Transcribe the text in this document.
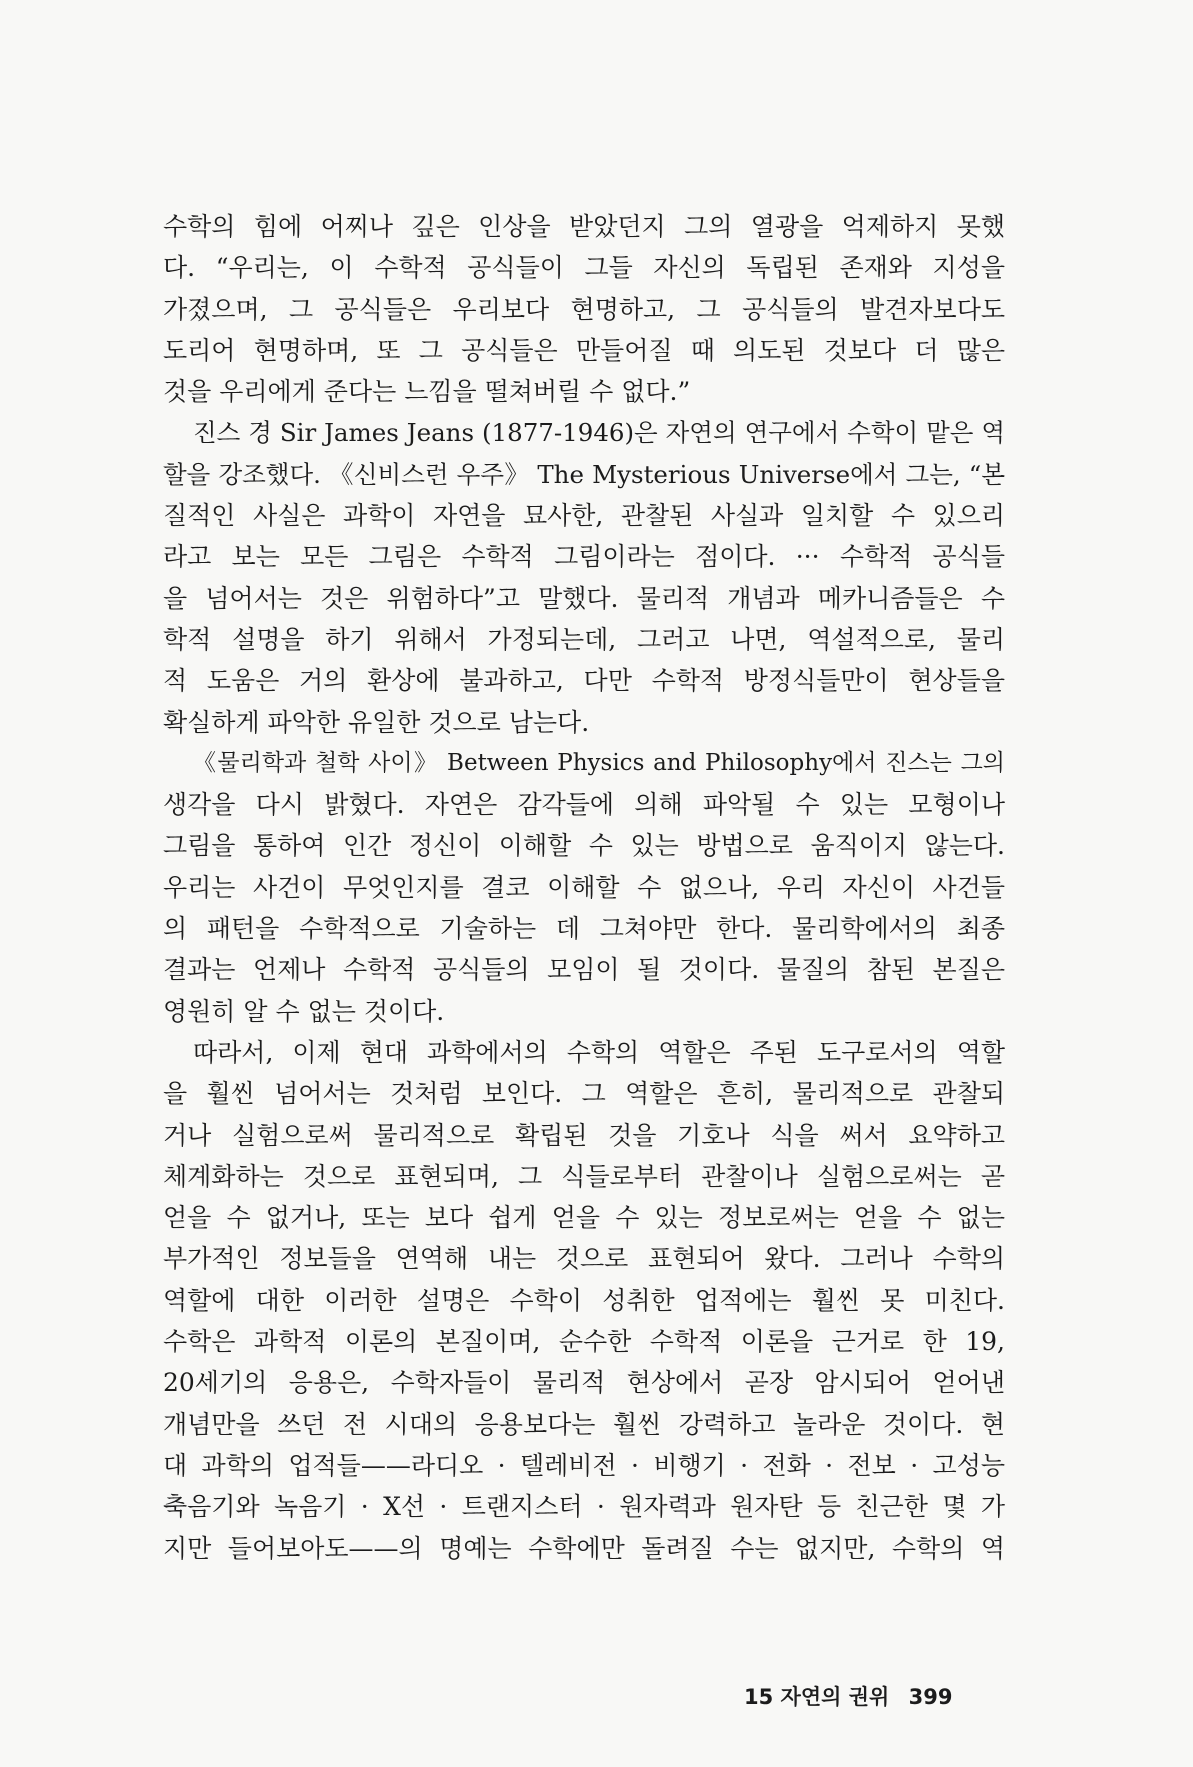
수학의 힘에 어찌나 깊은 인상을 받았던지 그의 열광을 억제하지 못했
다. “우리는, 이 수학적 공식들이 그들 자신의 독립된 존재와 지성을
가졌으며, 그 공식들은 우리보다 현명하고, 그 공식들의 발견자보다도
도리어 현명하며, 또 그 공식들은 만들어질 때 의도된 것보다 더 많은
것을 우리에게 준다는 느낌을 떨쳐버릴 수 없다.”
진스 경 Sir James Jeans (1877-1946)은 자연의 연구에서 수학이 맡은 역
할을 강조했다. 《신비스런 우주》 The Mysterious Universe에서 그는, “본
질적인 사실은 과학이 자연을 묘사한, 관찰된 사실과 일치할 수 있으리
라고 보는 모든 그림은 수학적 그림이라는 점이다. ··· 수학적 공식들
을 넘어서는 것은 위험하다”고 말했다. 물리적 개념과 메카니즘들은 수
학적 설명을 하기 위해서 가정되는데, 그러고 나면, 역설적으로, 물리
적 도움은 거의 환상에 불과하고, 다만 수학적 방정식들만이 현상들을
확실하게 파악한 유일한 것으로 남는다.
《물리학과 철학 사이》 Between Physics and Philosophy에서 진스는 그의
생각을 다시 밝혔다. 자연은 감각들에 의해 파악될 수 있는 모형이나
그림을 통하여 인간 정신이 이해할 수 있는 방법으로 움직이지 않는다.
우리는 사건이 무엇인지를 결코 이해할 수 없으나, 우리 자신이 사건들
의 패턴을 수학적으로 기술하는 데 그쳐야만 한다. 물리학에서의 최종
결과는 언제나 수학적 공식들의 모임이 될 것이다. 물질의 참된 본질은
영원히 알 수 없는 것이다.
따라서, 이제 현대 과학에서의 수학의 역할은 주된 도구로서의 역할
을 훨씬 넘어서는 것처럼 보인다. 그 역할은 흔히, 물리적으로 관찰되
거나 실험으로써 물리적으로 확립된 것을 기호나 식을 써서 요약하고
체계화하는 것으로 표현되며, 그 식들로부터 관찰이나 실험으로써는 곧
얻을 수 없거나, 또는 보다 쉽게 얻을 수 있는 정보로써는 얻을 수 없는
부가적인 정보들을 연역해 내는 것으로 표현되어 왔다. 그러나 수학의
역할에 대한 이러한 설명은 수학이 성취한 업적에는 훨씬 못 미친다.
수학은 과학적 이론의 본질이며, 순수한 수학적 이론을 근거로 한 19,
20세기의 응용은, 수학자들이 물리적 현상에서 곧장 암시되어 얻어낸
개념만을 쓰던 전 시대의 응용보다는 훨씬 강력하고 놀라운 것이다. 현
대 과학의 업적들——라디오 · 텔레비전 · 비행기 · 전화 · 전보 · 고성능
축음기와 녹음기 · X선 · 트랜지스터 · 원자력과 원자탄 등 친근한 몇 가
지만 들어보아도——의 명예는 수학에만 돌려질 수는 없지만, 수학의 역
15 자연의 권위 399
